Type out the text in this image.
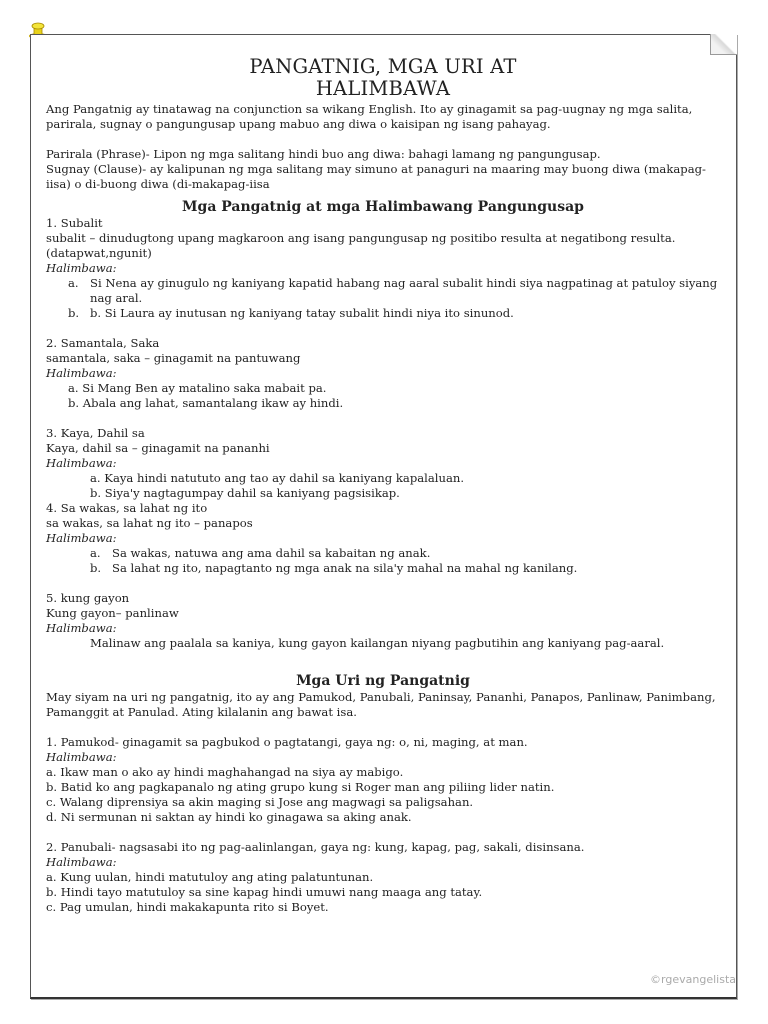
PANGATNIG, MGA URI AT
HALIMBAWA

Ang Pangatnig ay tinatawag na conjunction sa wikang English. Ito ay ginagamit sa pag-uugnay ng mga salita, parirala, sugnay o pangungusap upang mabuo ang diwa o kaisipan ng isang pahayag.

Parirala (Phrase)- Lipon ng mga salitang hindi buo ang diwa: bahagi lamang ng pangungusap.

Sugnay (Clause)- ay kalipunan ng mga salitang may simuno at panaguri na maaring may buong diwa (makapag-iisa) o di-buong diwa (di-makapag-iisa

Mga Pangatnig at mga Halimbawang Pangungusap

1. Subalit

subalit – dinudugtong upang magkaroon ang isang pangungusap ng positibo resulta at negatibong resulta. (datapwat,ngunit)

Halimbawa:

a. Si Nena ay ginugulo ng kaniyang kapatid habang nag aaral subalit hindi siya nagpatinag at patuloy siyang nag aral.
b. b. Si Laura ay inutusan ng kaniyang tatay subalit hindi niya ito sinunod.

2. Samantala, Saka

samantala, saka – ginagamit na pantuwang

Halimbawa:

a. Si Mang Ben ay matalino saka mabait pa.

b. Abala ang lahat, samantalang ikaw ay hindi.

3. Kaya, Dahil sa

Kaya, dahil sa – ginagamit na pananhi

Halimbawa:

a. Kaya hindi natututo ang tao ay dahil sa kaniyang kapalaluan.

b. Siya'y nagtagumpay dahil sa kaniyang pagsisikap.

4. Sa wakas, sa lahat ng ito

sa wakas, sa lahat ng ito – panapos

Halimbawa:

a. Sa wakas, natuwa ang ama dahil sa kabaitan ng anak.
b. Sa lahat ng ito, napagtanto ng mga anak na sila'y mahal na mahal ng kanilang.

5. kung gayon

Kung gayon– panlinaw

Halimbawa:

Malinaw ang paalala sa kaniya, kung gayon kailangan niyang pagbutihin ang kaniyang pag-aaral.

Mga Uri ng Pangatnig

May siyam na uri ng pangatnig, ito ay ang Pamukod, Panubali, Paninsay, Pananhi, Panapos, Panlinaw, Panimbang, Pamanggit at Panulad. Ating kilalanin ang bawat isa.

1. Pamukod- ginagamit sa pagbukod o pagtatangi, gaya ng: o, ni, maging, at man.

Halimbawa:

a. Ikaw man o ako ay hindi maghahangad na siya ay mabigo.

b. Batid ko ang pagkapanalo ng ating grupo kung si Roger man ang piliing lider natin.

c. Walang diprensiya sa akin maging si Jose ang magwagi sa paligsahan.

d. Ni sermunan ni saktan ay hindi ko ginagawa sa aking anak.

2. Panubali- nagsasabi ito ng pag-aalinlangan, gaya ng: kung, kapag, pag, sakali, disinsana.

Halimbawa:

a. Kung uulan, hindi matutuloy ang ating palatuntunan.

b. Hindi tayo matutuloy sa sine kapag hindi umuwi nang maaga ang tatay.

c. Pag umulan, hindi makakapunta rito si Boyet.

©rgevangelista
